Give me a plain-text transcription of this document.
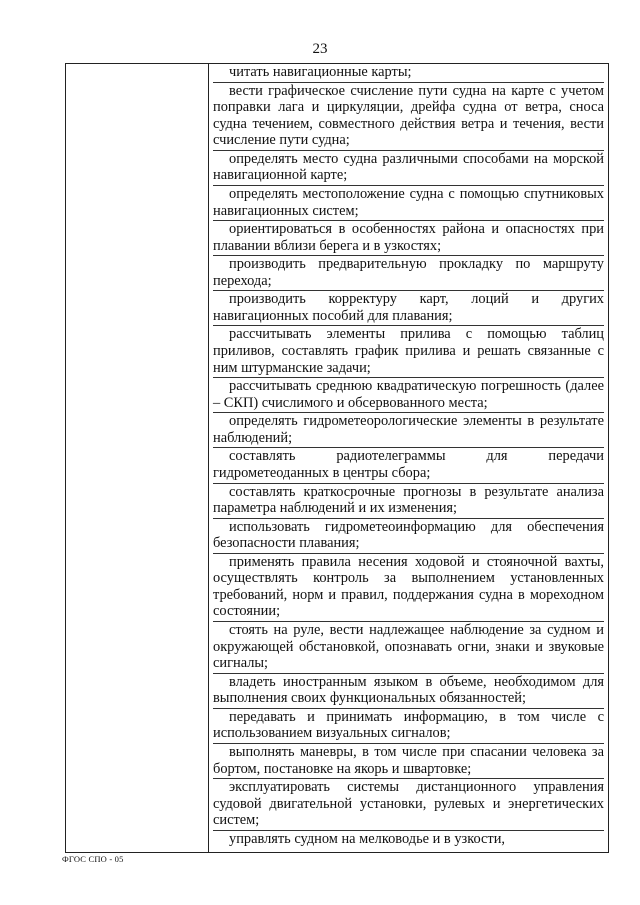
23

читать навигационные карты;

вести графическое счисление пути судна на карте с учетом поправки лага и циркуляции, дрейфа судна от ветра, сноса судна течением, совместного действия ветра и течения, вести счисление пути судна;

определять место судна различными способами на морской навигационной карте;

определять местоположение судна с помощью спутниковых навигационных систем;

ориентироваться в особенностях района и опасностях при плавании вблизи берега и в узкостях;

производить предварительную прокладку по маршруту перехода;

производить корректуру карт, лоций и других навигационных пособий для плавания;

рассчитывать элементы прилива с помощью таблиц приливов, составлять график прилива и решать связанные с ним штурманские задачи;

рассчитывать среднюю квадратическую погрешность (далее – СКП) счислимого и обсервованного места;

определять гидрометеорологические элементы в результате наблюдений;

составлять радиотелеграммы для передачи гидрометеоданных в центры сбора;

составлять краткосрочные прогнозы в результате анализа параметра наблюдений и их изменения;

использовать гидрометеоинформацию для обеспечения безопасности плавания;

применять правила несения ходовой и стояночной вахты, осуществлять контроль за выполнением установленных требований, норм и правил, поддержания судна в мореходном состоянии;

стоять на руле, вести надлежащее наблюдение за судном и окружающей обстановкой, опознавать огни, знаки и звуковые сигналы;

владеть иностранным языком в объеме, необходимом для выполнения своих функциональных обязанностей;

передавать и принимать информацию, в том числе с использованием визуальных сигналов;

выполнять маневры, в том числе при спасании человека за бортом, постановке на якорь и швартовке;

эксплуатировать системы дистанционного управления судовой двигательной установки, рулевых и энергетических систем;

управлять судном на мелководье и в узкости,

ФГОС СПО - 05
